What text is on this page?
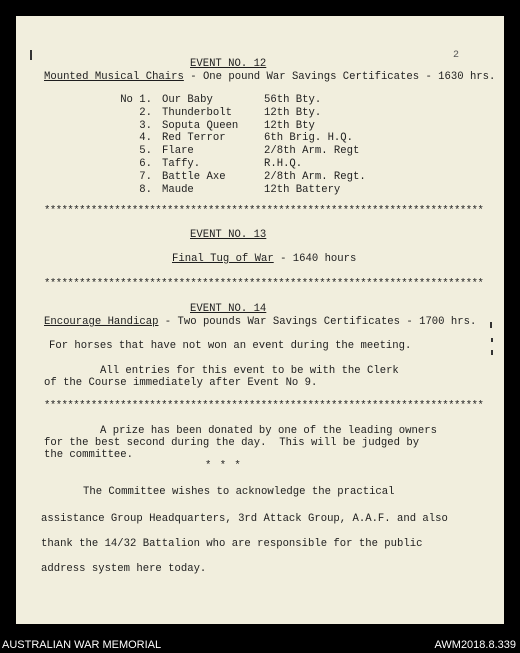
2
EVENT NO. 12
Mounted Musical Chairs - One pound War Savings Certificates - 1630 hrs.
No 1. Our Baby	56th Bty.
2. Thunderbolt	12th Bty.
3. Soputa Queen 12th Bty
4. Red Terror	6th Brig. H.Q.
5. Flare	2/8th Arm. Regt
6. Taffy.	R.H.Q.
7. Battle Axe	2/8th Arm. Regt.
8. Maude	12th Battery
***************************************************************************
EVENT NO. 13
Final Tug of War - 1640 hours
***************************************************************************
EVENT NO. 14
Encourage Handicap - Two pounds War Savings Certificates - 1700 hrs.
For horses that have not won an event during the meeting.
All entries for this event to be with the Clerk
of the Course immediately after Event No 9.
***************************************************************************
A prize has been donated by one of the leading owners
for the best second during the day.  This will be judged by
the committee.
* * *
The Committee wishes to acknowledge the practical
assistance Group Headquarters, 3rd Attack Group, A.A.F. and also
thank the 14/32 Battalion who are responsible for the public
address system here today.
AUSTRALIAN WAR MEMORIAL	AWM2018.8.339
